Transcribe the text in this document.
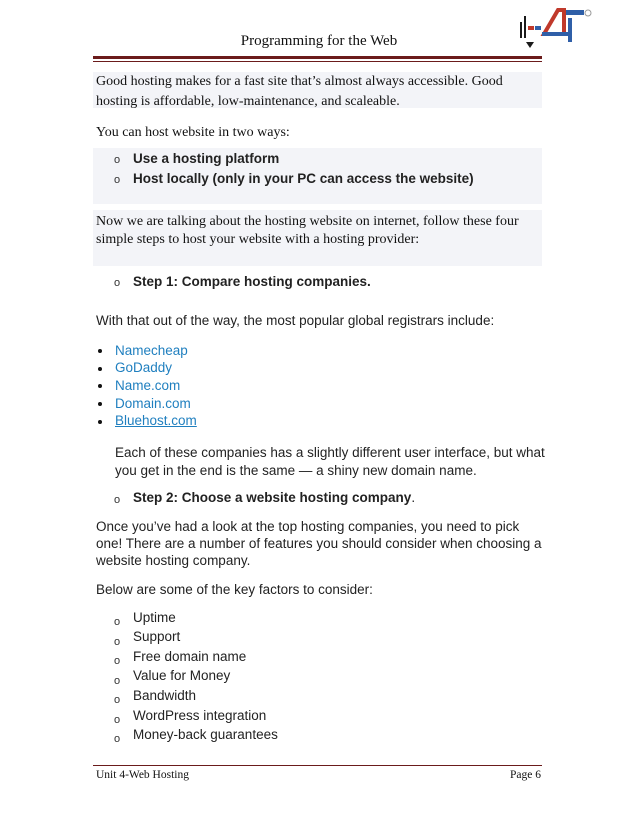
Programming for the Web
Good hosting makes for a fast site that’s almost always accessible. Good
hosting is affordable, low-maintenance, and scaleable.
You can host website in two ways:
o Use a hosting platform
o Host locally (only in your PC can access the website)
Now we are talking about the hosting website on internet, follow these four
simple steps to host your website with a hosting provider:
o Step 1: Compare hosting companies.
With that out of the way, the most popular global registrars include:
Namecheap
GoDaddy
Name.com
Domain.com
Bluehost.com
Each of these companies has a slightly different user interface, but what
you get in the end is the same — a shiny new domain name.
o Step 2: Choose a website hosting company.
Once you’ve had a look at the top hosting companies, you need to pick
one! There are a number of features you should consider when choosing a
website hosting company.
Below are some of the key factors to consider:
o Uptime
o Support
o Free domain name
o Value for Money
o Bandwidth
o WordPress integration
o Money-back guarantees
Unit 4-Web Hosting	Page 6
